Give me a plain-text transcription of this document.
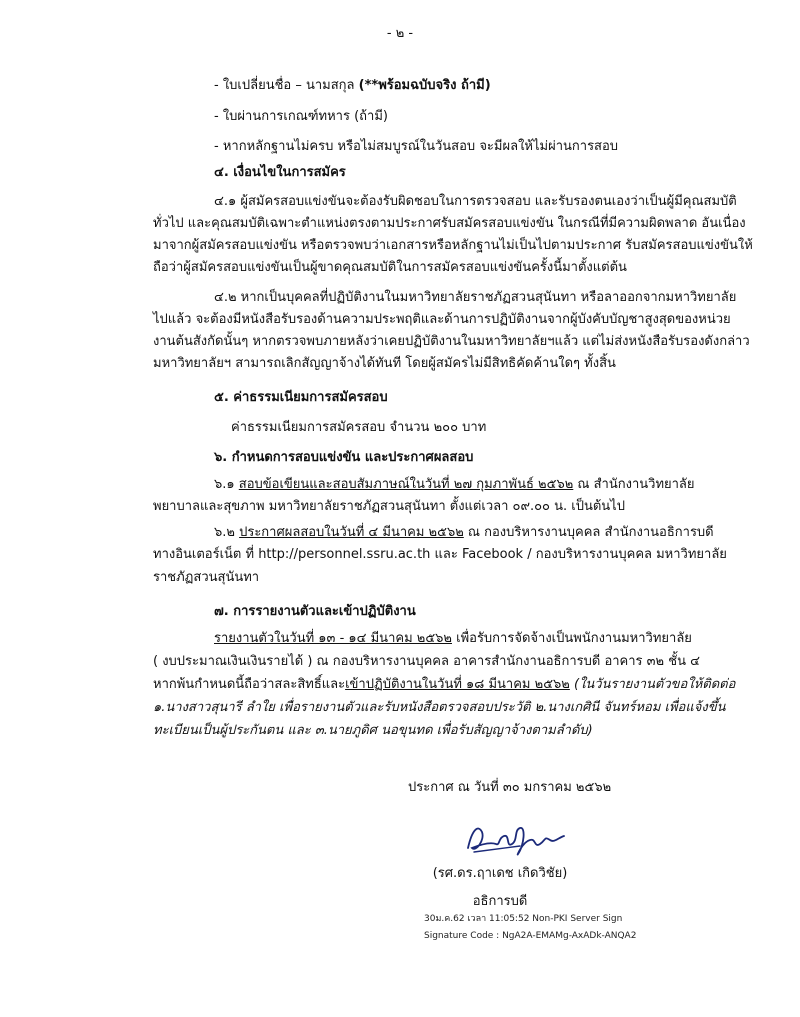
- ๒ -
- ใบเปลี่ยนชื่อ – นามสกุล (**พร้อมฉบับจริง ถ้ามี)
- ใบผ่านการเกณฑ์ทหาร (ถ้ามี)
- หากหลักฐานไม่ครบ หรือไม่สมบูรณ์ในวันสอบ จะมีผลให้ไม่ผ่านการสอบ
๔. เงื่อนไขในการสมัคร
๔.๑ ผู้สมัครสอบแข่งขันจะต้องรับผิดชอบในการตรวจสอบ และรับรองตนเองว่าเป็นผู้มีคุณสมบัติ
ทั่วไป และคุณสมบัติเฉพาะตำแหน่งตรงตามประกาศรับสมัครสอบแข่งขัน ในกรณีที่มีความผิดพลาด อันเนื่อง
มาจากผู้สมัครสอบแข่งขัน หรือตรวจพบว่าเอกสารหรือหลักฐานไม่เป็นไปตามประกาศ รับสมัครสอบแข่งขันให้
ถือว่าผู้สมัครสอบแข่งขันเป็นผู้ขาดคุณสมบัติในการสมัครสอบแข่งขันครั้งนี้มาตั้งแต่ต้น
๔.๒ หากเป็นบุคคลที่ปฏิบัติงานในมหาวิทยาลัยราชภัฏสวนสุนันทา หรือลาออกจากมหาวิทยาลัย
ไปแล้ว จะต้องมีหนังสือรับรองด้านความประพฤติและด้านการปฏิบัติงานจากผู้บังคับบัญชาสูงสุดของหน่วย
งานต้นสังกัดนั้นๆ หากตรวจพบภายหลังว่าเคยปฏิบัติงานในมหาวิทยาลัยฯแล้ว แต่ไม่ส่งหนังสือรับรองดังกล่าว
มหาวิทยาลัยฯ สามารถเลิกสัญญาจ้างได้ทันที โดยผู้สมัครไม่มีสิทธิคัดค้านใดๆ ทั้งสิ้น
๕. ค่าธรรมเนียมการสมัครสอบ
ค่าธรรมเนียมการสมัครสอบ จำนวน ๒๐๐ บาท
๖. กำหนดการสอบแข่งขัน และประกาศผลสอบ
๖.๑ สอบข้อเขียนและสอบสัมภาษณ์ในวันที่ ๒๗ กุมภาพันธ์ ๒๕๖๒ ณ สำนักงานวิทยาลัย
พยาบาลและสุขภาพ มหาวิทยาลัยราชภัฏสวนสุนันทา ตั้งแต่เวลา ๐๙.๐๐ น. เป็นต้นไป
๖.๒ ประกาศผลสอบในวันที่ ๔ มีนาคม ๒๕๖๒ ณ กองบริหารงานบุคคล สำนักงานอธิการบดี
ทางอินเตอร์เน็ต ที่ http://personnel.ssru.ac.th และ Facebook / กองบริหารงานบุคคล มหาวิทยาลัย
ราชภัฏสวนสุนันทา
๗. การรายงานตัวและเข้าปฏิบัติงาน
รายงานตัวในวันที่ ๑๓ - ๑๔ มีนาคม ๒๕๖๒ เพื่อรับการจัดจ้างเป็นพนักงานมหาวิทยาลัย
( งบประมาณเงินเงินรายได้ ) ณ กองบริหารงานบุคคล อาคารสำนักงานอธิการบดี อาคาร ๓๒ ชั้น ๔
หากพ้นกำหนดนี้ถือว่าสละสิทธิ์และเข้าปฏิบัติงานในวันที่ ๑๘ มีนาคม ๒๕๖๒ (ในวันรายงานตัวขอให้ติดต่อ
๑.นางสาวสุนารี ลำใย เพื่อรายงานตัวและรับหนังสือตรวจสอบประวัติ ๒.นางเกศินี จันทร์หอม เพื่อแจ้งขึ้น
ทะเบียนเป็นผู้ประกันตน และ ๓.นายภูดิศ นอขุนทด เพื่อรับสัญญาจ้างตามลำดับ)
ประกาศ ณ วันที่ ๓๐ มกราคม ๒๕๖๒
(รศ.ดร.ฤาเดช เกิดวิชัย)
อธิการบดี
30ม.ค.62 เวลา 11:05:52 Non-PKI Server Sign
Signature Code : NgA2A-EMAMg-AxADk-ANQA2
